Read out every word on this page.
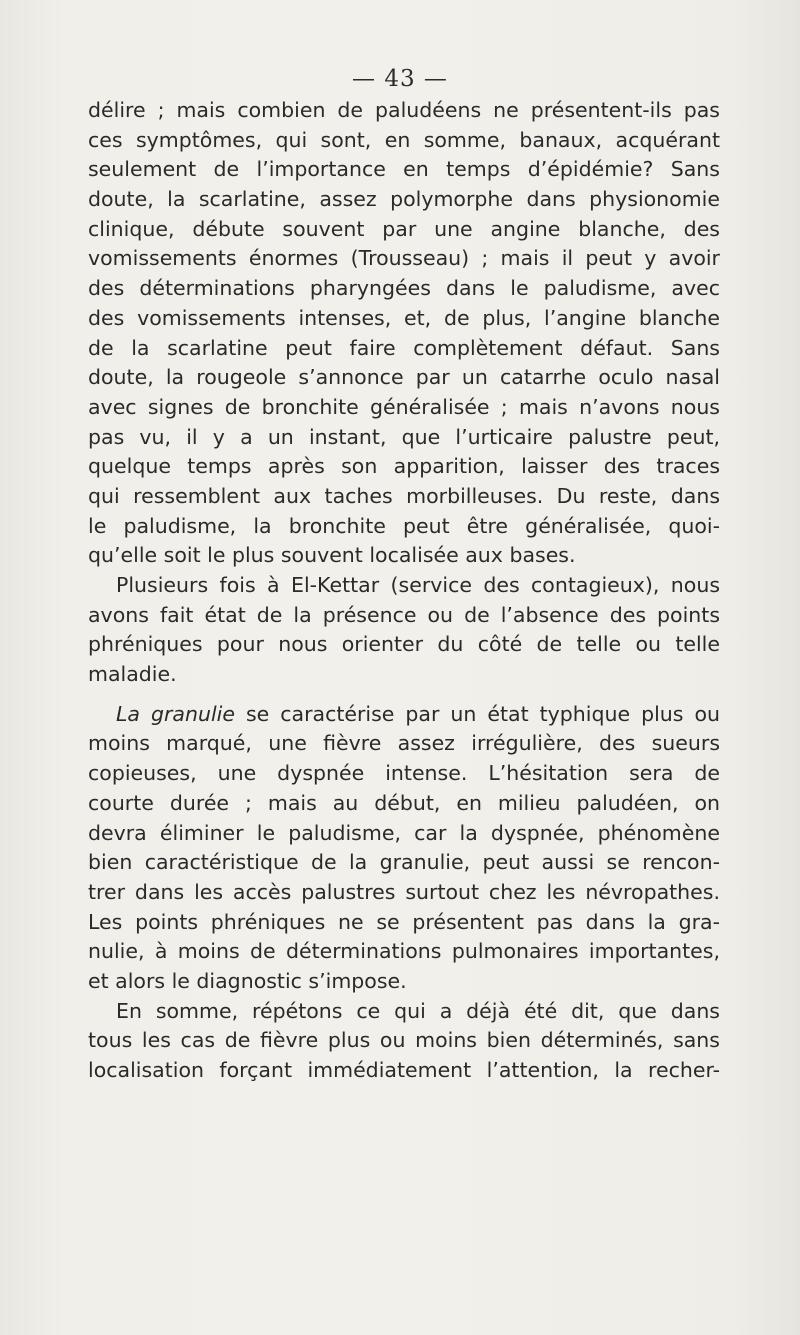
— 43 —
délire ; mais combien de paludéens ne présentent-ils pas
ces symptômes, qui sont, en somme, banaux, acquérant
seulement de l’importance en temps d’épidémie? Sans
doute, la scarlatine, assez polymorphe dans physionomie
clinique, débute souvent par une angine blanche, des
vomissements énormes (Trousseau) ; mais il peut y avoir
des déterminations pharyngées dans le paludisme, avec
des vomissements intenses, et, de plus, l’angine blanche
de la scarlatine peut faire complètement défaut. Sans
doute, la rougeole s’annonce par un catarrhe oculo nasal
avec signes de bronchite généralisée ; mais n’avons nous
pas vu, il y a un instant, que l’urticaire palustre peut,
quelque temps après son apparition, laisser des traces
qui ressemblent aux taches morbilleuses. Du reste, dans
le paludisme, la bronchite peut être généralisée, quoi-
qu’elle soit le plus souvent localisée aux bases.
Plusieurs fois à El-Kettar (service des contagieux), nous
avons fait état de la présence ou de l’absence des points
phréniques pour nous orienter du côté de telle ou telle
maladie.
La granulie se caractérise par un état typhique plus ou
moins marqué, une fièvre assez irrégulière, des sueurs
copieuses, une dyspnée intense. L’hésitation sera de
courte durée ; mais au début, en milieu paludéen, on
devra éliminer le paludisme, car la dyspnée, phénomène
bien caractéristique de la granulie, peut aussi se rencon-
trer dans les accès palustres surtout chez les névropathes.
Les points phréniques ne se présentent pas dans la gra-
nulie, à moins de déterminations pulmonaires importantes,
et alors le diagnostic s’impose.
En somme, répétons ce qui a déjà été dit, que dans
tous les cas de fièvre plus ou moins bien déterminés, sans
localisation forçant immédiatement l’attention, la recher-
